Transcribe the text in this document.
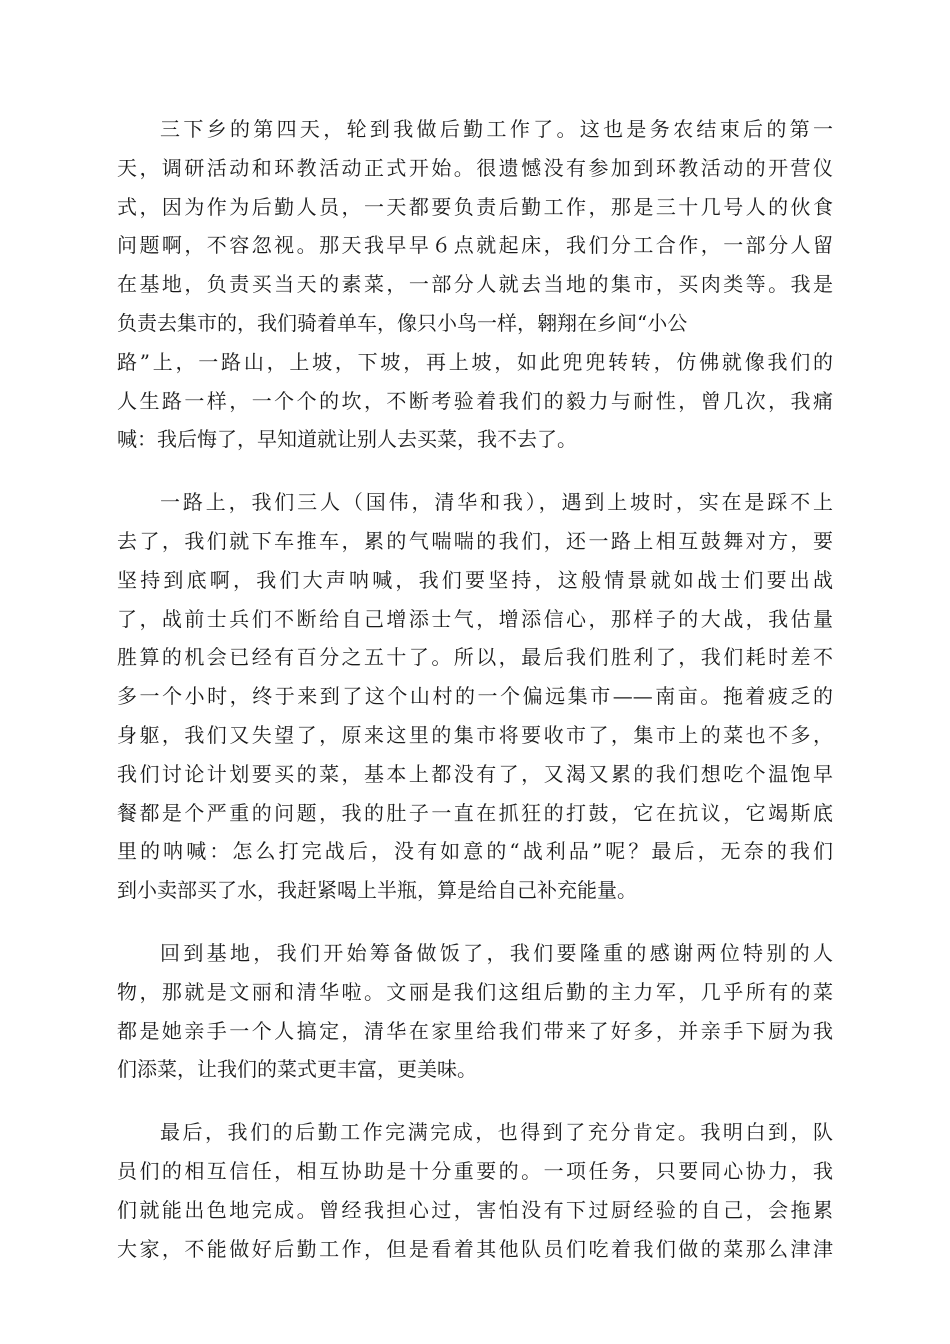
三下乡的第四天，轮到我做后勤工作了。这也是务农结束后的第一
天，调研活动和环教活动正式开始。很遗憾没有参加到环教活动的开营仪
式，因为作为后勤人员，一天都要负责后勤工作，那是三十几号人的伙食
问题啊，不容忽视。那天我早早６点就起床，我们分工合作，一部分人留
在基地，负责买当天的素菜，一部分人就去当地的集市，买肉类等。我是
负责去集市的，我们骑着单车，像只小鸟一样，翱翔在乡间“小公
路”上，一路山，上坡，下坡，再上坡，如此兜兜转转，仿佛就像我们的
人生路一样，一个个的坎，不断考验着我们的毅力与耐性，曾几次，我痛
喊：我后悔了，早知道就让别人去买菜，我不去了。
一路上，我们三人（国伟，清华和我），遇到上坡时，实在是踩不上
去了，我们就下车推车，累的气喘喘的我们，还一路上相互鼓舞对方，要
坚持到底啊，我们大声呐喊，我们要坚持，这般情景就如战士们要出战
了，战前士兵们不断给自己增添士气，增添信心，那样子的大战，我估量
胜算的机会已经有百分之五十了。所以，最后我们胜利了，我们耗时差不
多一个小时，终于来到了这个山村的一个偏远集市——南亩。拖着疲乏的
身躯，我们又失望了，原来这里的集市将要收市了，集市上的菜也不多，
我们讨论计划要买的菜，基本上都没有了，又渴又累的我们想吃个温饱早
餐都是个严重的问题，我的肚子一直在抓狂的打鼓，它在抗议，它竭斯底
里的呐喊：怎么打完战后，没有如意的“战利品”呢？最后，无奈的我们
到小卖部买了水，我赶紧喝上半瓶，算是给自己补充能量。
回到基地，我们开始筹备做饭了，我们要隆重的感谢两位特别的人
物，那就是文丽和清华啦。文丽是我们这组后勤的主力军，几乎所有的菜
都是她亲手一个人搞定，清华在家里给我们带来了好多，并亲手下厨为我
们添菜，让我们的菜式更丰富，更美味。
最后，我们的后勤工作完满完成，也得到了充分肯定。我明白到，队
员们的相互信任，相互协助是十分重要的。一项任务，只要同心协力，我
们就能出色地完成。曾经我担心过，害怕没有下过厨经验的自己，会拖累
大家，不能做好后勤工作，但是看着其他队员们吃着我们做的菜那么津津
